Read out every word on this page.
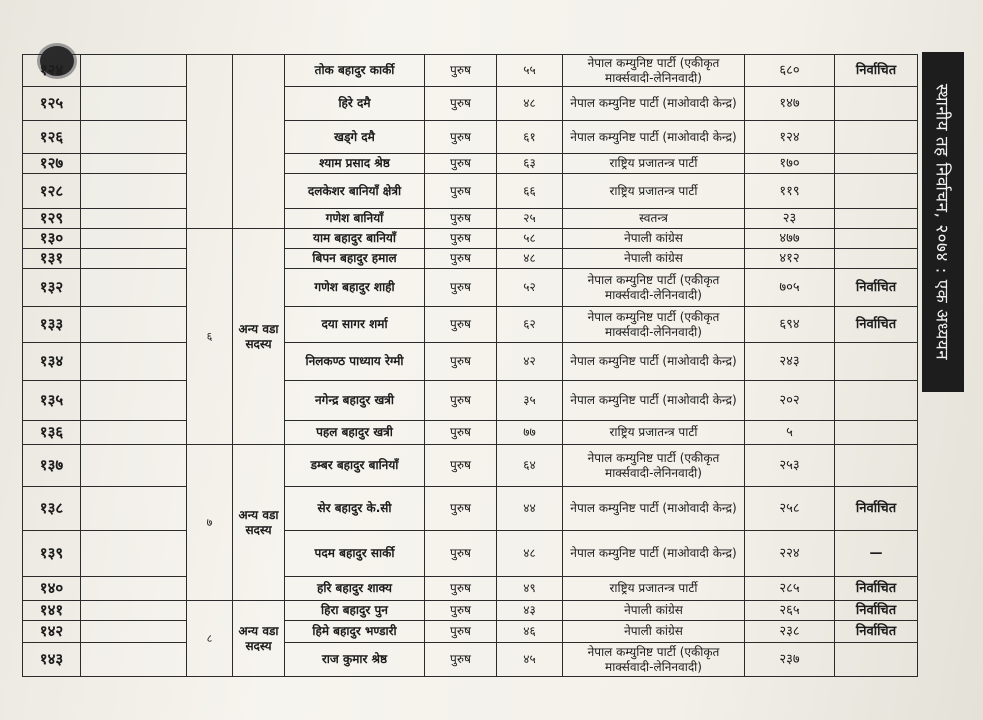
स्थानीय तह निर्वाचन, २०७४ : एक अध्ययन
१२४				तोक बहादुर कार्की	पुरुष	५५	नेपाल कम्युनिष्ट पार्टी (एकीकृत मार्क्सवादी-लेनिनवादी)	६८०	निर्वाचित
१२५				हिरे दमै	पुरुष	४८	नेपाल कम्युनिष्ट पार्टी (माओवादी केन्द्र)	१४७	
१२६				खड्गे दमै	पुरुष	६१	नेपाल कम्युनिष्ट पार्टी (माओवादी केन्द्र)	१२४	
१२७				श्याम प्रसाद श्रेष्ठ	पुरुष	६३	राष्ट्रिय प्रजातन्त्र पार्टी	१७०	
१२८				दलकेशर बानियाँ क्षेत्री	पुरुष	६६	राष्ट्रिय प्रजातन्त्र पार्टी	११९	
१२९				गणेश बानियाँ	पुरुष	२५	स्वतन्त्र	२३	
१३०		६	अन्य वडा सदस्य	याम बहादुर बानियाँ	पुरुष	५८	नेपाली कांग्रेस	४७७	
१३१				बिपन बहादुर हमाल	पुरुष	४८	नेपाली कांग्रेस	४१२	
१३२				गणेश बहादुर शाही	पुरुष	५२	नेपाल कम्युनिष्ट पार्टी (एकीकृत मार्क्सवादी-लेनिनवादी)	७०५	निर्वाचित
१३३				दया सागर शर्मा	पुरुष	६२	नेपाल कम्युनिष्ट पार्टी (एकीकृत मार्क्सवादी-लेनिनवादी)	६९४	निर्वाचित
१३४				निलकण्ठ पाध्याय रेग्मी	पुरुष	४२	नेपाल कम्युनिष्ट पार्टी (माओवादी केन्द्र)	२४३	
१३५				नगेन्द्र बहादुर खत्री	पुरुष	३५	नेपाल कम्युनिष्ट पार्टी (माओवादी केन्द्र)	२०२	
१३६				पहल बहादुर खत्री	पुरुष	७७	राष्ट्रिय प्रजातन्त्र पार्टी	५	
१३७		७	अन्य वडा सदस्य	डम्बर बहादुर बानियाँ	पुरुष	६४	नेपाल कम्युनिष्ट पार्टी (एकीकृत मार्क्सवादी-लेनिनवादी)	२५३	
१३८				सेर बहादुर के.सी	पुरुष	४४	नेपाल कम्युनिष्ट पार्टी (माओवादी केन्द्र)	२५८	निर्वाचित
१३९				पदम बहादुर सार्की	पुरुष	४८	नेपाल कम्युनिष्ट पार्टी (माओवादी केन्द्र)	२२४	—
१४०				हरि बहादुर शाक्य	पुरुष	४९	राष्ट्रिय प्रजातन्त्र पार्टी	२८५	निर्वाचित
१४१		८	अन्य वडा सदस्य	हिरा बहादुर पुन	पुरुष	४३	नेपाली कांग्रेस	२६५	निर्वाचित
१४२				हिमे बहादुर भण्डारी	पुरुष	४६	नेपाली कांग्रेस	२३८	निर्वाचित
१४३				राज कुमार श्रेष्ठ	पुरुष	४५	नेपाल कम्युनिष्ट पार्टी (एकीकृत मार्क्सवादी-लेनिनवादी)	२३७	
